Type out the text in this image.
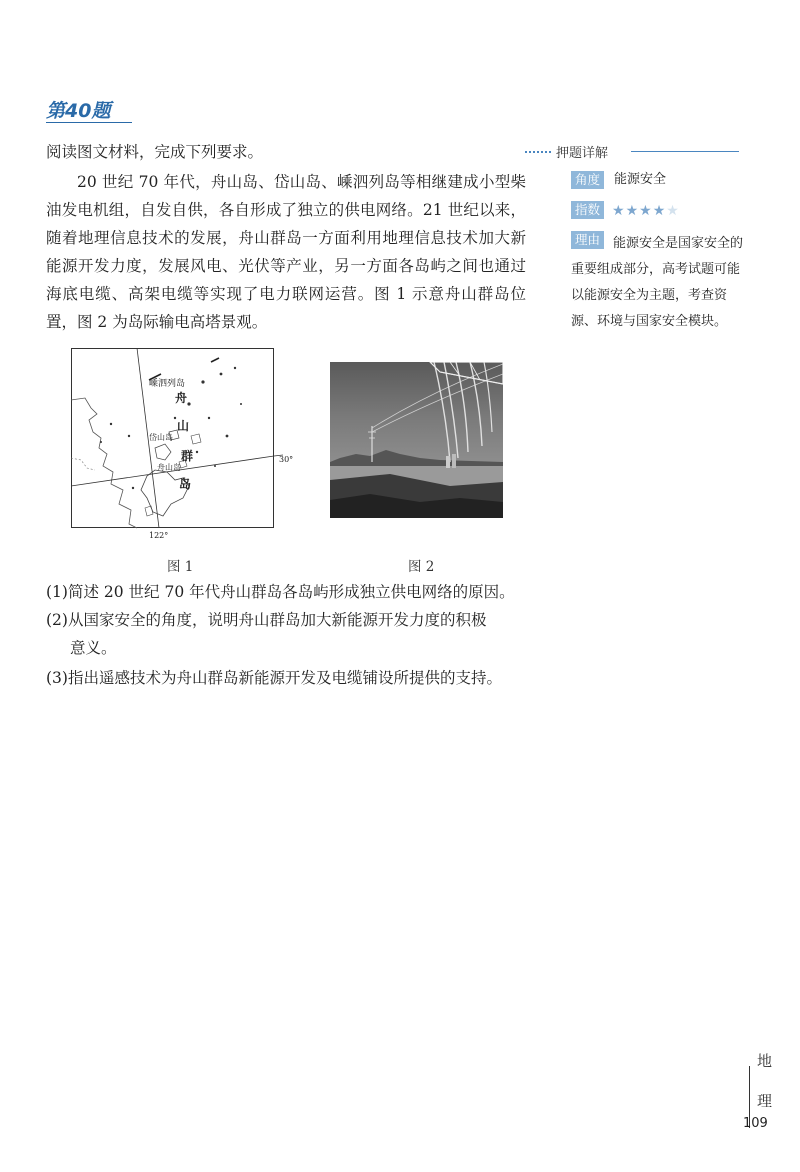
第40题
阅读图文材料，完成下列要求。

20 世纪 70 年代，舟山岛、岱山岛、嵊泗列岛等相继建成小型柴油发电机组，自发自供，各自形成了独立的供电网络。21 世纪以来，随着地理信息技术的发展，舟山群岛一方面利用地理信息技术加大新能源开发力度，发展风电、光伏等产业，另一方面各岛屿之间也通过海底电缆、高架电缆等实现了电力联网运营。图 1 示意舟山群岛位置，图 2 为岛际输电高塔景观。

嵊泗列岛
舟
山
群
岛
岱山岛
舟山岛
30°
122°
图 1	图 2
(1)简述 20 世纪 70 年代舟山群岛各岛屿形成独立供电网络的原因。
(2)从国家安全的角度，说明舟山群岛加大新能源开发力度的积极
意义。
(3)指出遥感技术为舟山群岛新能源开发及电缆铺设所提供的支持。
押题详解
角度	能源安全
指数 ★★★★★
理由 能源安全是国家安全的
重要组成部分，高考试题可能
以能源安全为主题，考查资
源、环境与国家安全模块。
地
理
109
